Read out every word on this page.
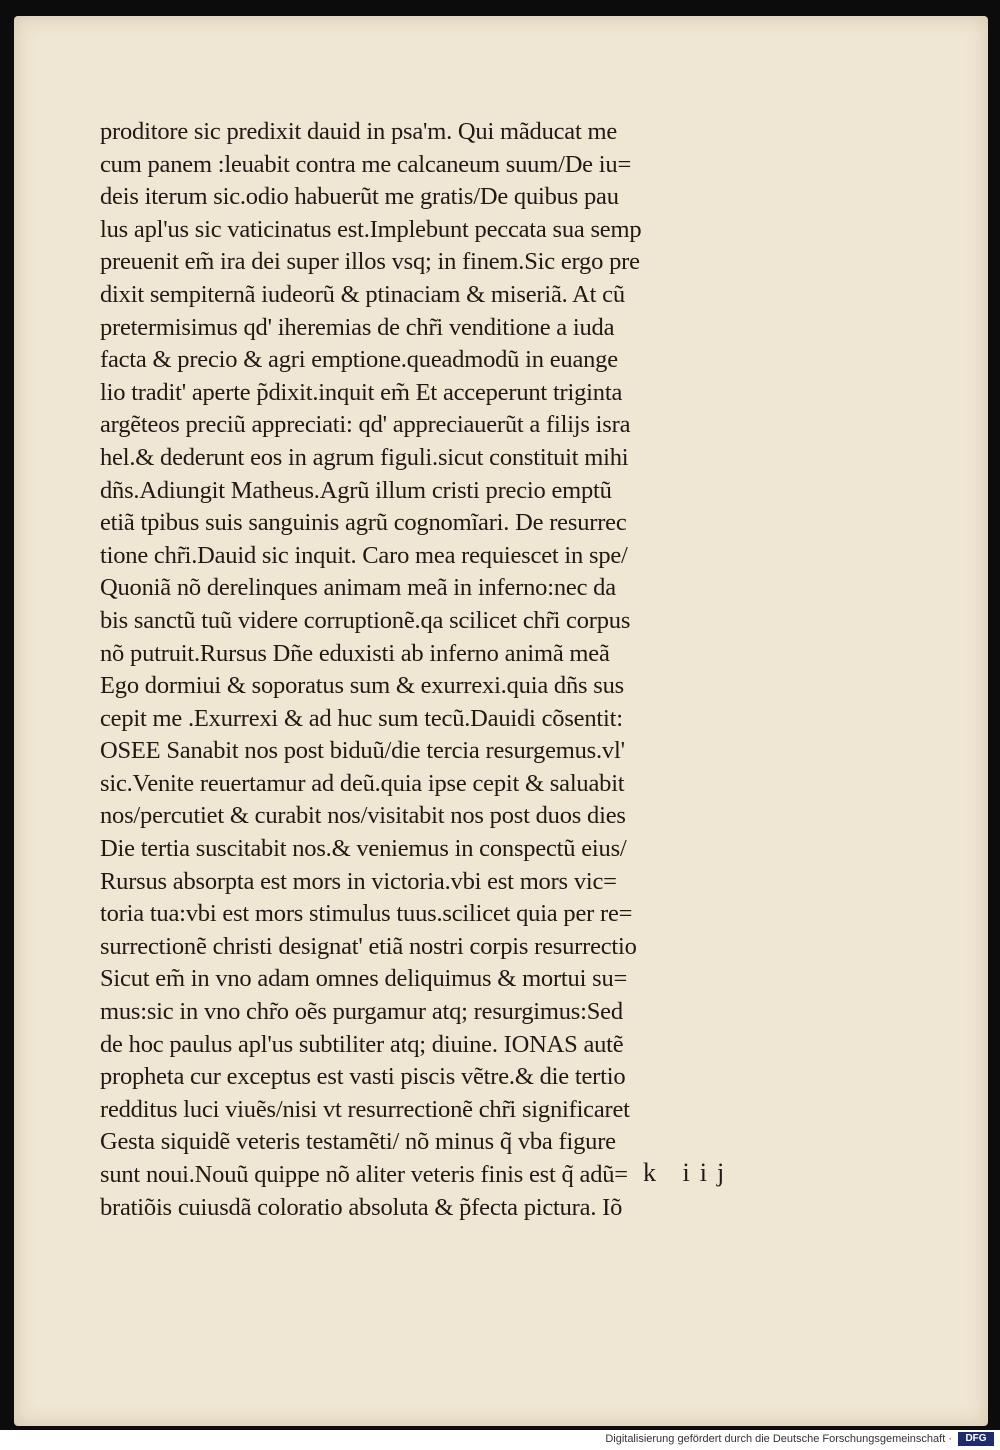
proditore sic predixit dauid in psa'm. Qui mãducat me
cum panem :leuabit contra me calcaneum suum/De iu=
deis iterum sic.odio habuerũt me gratis/De quibus pau
lus apl'us sic vaticinatus est.Implebunt peccata sua semp
preuenit em̃ ira dei super illos vsq; in finem.Sic ergo pre
dixit sempiternã iudeorũ & ptinaciam & miseriã. At cũ
pretermisimus qd' iheremias de chr̃i venditione a iuda
facta & precio & agri emptione.queadmodũ in euange
lio tradit' aperte p̃dixit.inquit em̃ Et acceperunt triginta
argẽteos preciũ appreciati: qd' appreciauerũt a filijs isra
hel.& dederunt eos in agrum figuli.sicut constituit mihi
dñs.Adiungit Matheus.Agrũ illum cristi precio emptũ
etiã tpibus suis sanguinis agrũ cognomĩari. De resurrec
tione chr̃i.Dauid sic inquit. Caro mea requiescet in spe/
Quoniã nõ derelinques animam meã in inferno:nec da
bis sanctũ tuũ videre corruptionẽ.qa scilicet chr̃i corpus
nõ putruit.Rursus Dñe eduxisti ab inferno animã meã
Ego dormiui & soporatus sum & exurrexi.quia dñs sus
cepit me .Exurrexi & ad huc sum tecũ.Dauidi cõsentit:
OSEE Sanabit nos post biduũ/die tercia resurgemus.vl'
sic.Venite reuertamur ad deũ.quia ipse cepit & saluabit
nos/percutiet & curabit nos/visitabit nos post duos dies
Die tertia suscitabit nos.& veniemus in conspectũ eius/
Rursus absorpta est mors in victoria.vbi est mors vic=
toria tua:vbi est mors stimulus tuus.scilicet quia per re=
surrectionẽ christi designat' etiã nostri corpis resurrectio
Sicut em̃ in vno adam omnes deliquimus & mortui su=
mus:sic in vno chr̃o oẽs purgamur atq; resurgimus:Sed
de hoc paulus apl'us subtiliter atq; diuine. IONAS autẽ
propheta cur exceptus est vasti piscis vẽtre.& die tertio
redditus luci viuẽs/nisi vt resurrectionẽ chr̃i significaret
Gesta siquidẽ veteris testamẽti/ nõ minus q̃ vba figure
sunt noui.Nouũ quippe nõ aliter veteris finis est q̃ adũ=
bratiõis cuiusdã coloratio absoluta & p̃fecta pictura. Iõ
k iij
Digitalisierung gefördert durch die Deutsche Forschungsgemeinschaft ·	DFG
